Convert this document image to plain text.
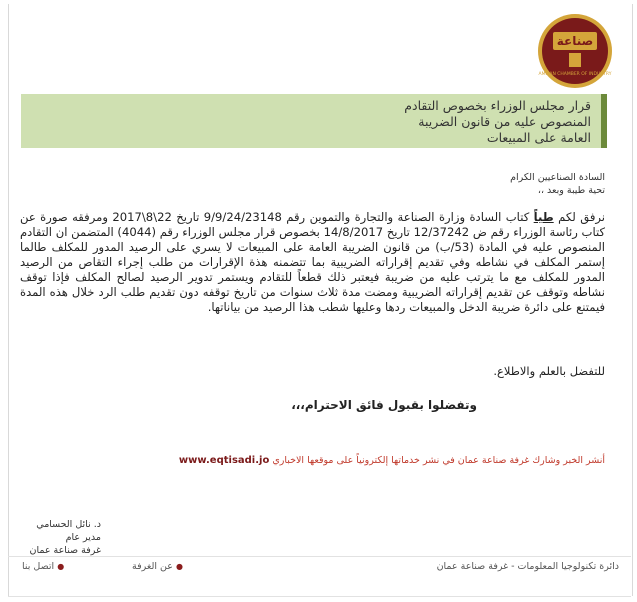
صناعة
AMMAN CHAMBER OF INDUSTRY
قرار مجلس الوزراء بخصوص التقادم
المنصوص عليه من قانون الضريبة
العامة على المبيعات
السادة الصناعيين الكرام
تحية طيبة وبعد ،،
نرفق لكم طياً كتاب السادة وزارة الصناعة والتجارة والتموين رقم 9/9/24/23148 تاريخ 22\8\2017 ومرفقه صورة عن كتاب رئاسة الوزراء رقم ض 12/37242 تاريخ 14/8/2017 بخصوص قرار مجلس الوزراء رقم (4044) المتضمن ان التقادم المنصوص عليه في المادة (53/ب) من قانون الضريبة العامة على المبيعات لا يسري على الرصيد المدور للمكلف طالما إستمر المكلف في نشاطه وفي تقديم إقراراته الضريبية بما تتضمنه هذة الإقرارات من طلب إجراء التقاص من الرصيد المدور للمكلف مع ما يترتب عليه من ضريبة فيعتبر ذلك قطعاً للتقادم ويستمر تدوير الرصيد لصالح المكلف فإذا توقف نشاطه وتوقف عن تقديم إقراراته الضريبية ومضت مدة ثلاث سنوات من تاريخ توقفه دون تقديم طلب الرد خلال هذه المدة فيمتنع على دائرة ضريبة الدخل والمبيعات ردها وعليها شطب هذا الرصيد من بياناتها.
للتفضل بالعلم والاطلاع.
وتفضلوا بقبول فائق الاحترام،،،
أنشر الخبر وشارك غرفة صناعة عمان في نشر خدماتها إلكترونياً على موقعها الاخباري www.eqtisadi.jo
د. نائل الحسامي
مدير عام
غرفة صناعة عمان
دائرة تكنولوجيا المعلومات - غرفة صناعة عمان
● عن الغرفة
● اتصل بنا
